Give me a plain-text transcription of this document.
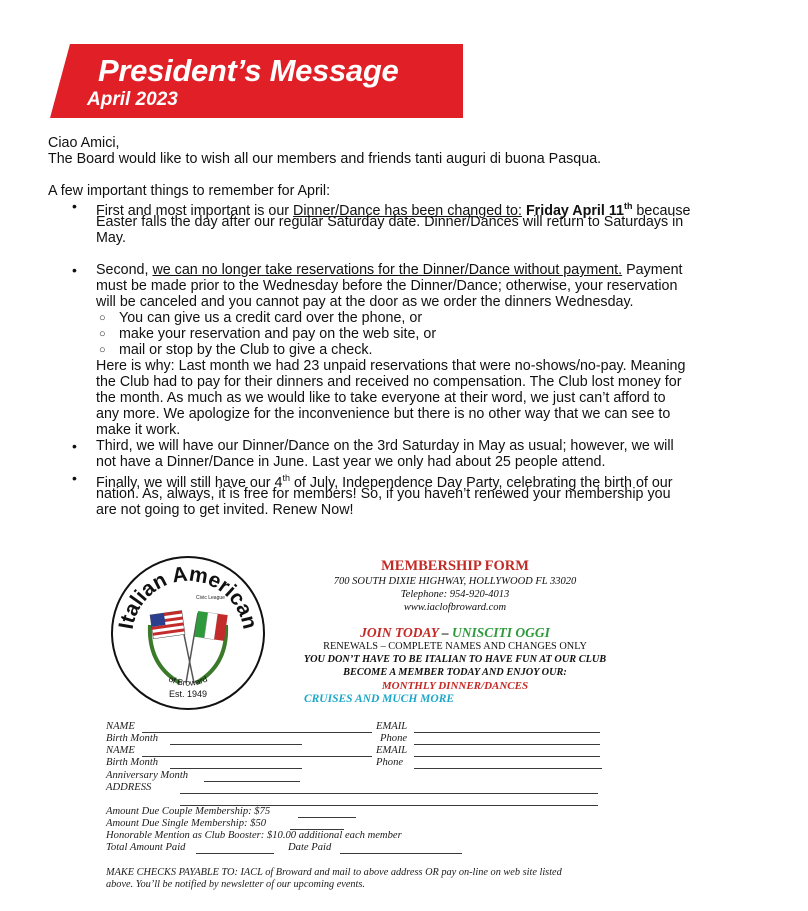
President’s Message
April 2023
Ciao Amici,
The Board would like to wish all our members and friends tanti auguri di buona Pasqua.
A few important things to remember for April:
• First and most important is our Dinner/Dance has been changed to: Friday April 11th because
Easter falls the day after our regular Saturday date. Dinner/Dances will return to Saturdays in
May.
• Second, we can no longer take reservations for the Dinner/Dance without payment. Payment
must be made prior to the Wednesday before the Dinner/Dance; otherwise, your reservation
will be canceled and you cannot pay at the door as we order the dinners Wednesday.
○ You can give us a credit card over the phone, or
○ make your reservation and pay on the web site, or
○ mail or stop by the Club to give a check.
Here is why: Last month we had 23 unpaid reservations that were no-shows/no-pay. Meaning
the Club had to pay for their dinners and received no compensation. The Club lost money for
the month. As much as we would like to take everyone at their word, we just can’t afford to
any more. We apologize for the inconvenience but there is no other way that we can see to
make it work.
• Third, we will have our Dinner/Dance on the 3rd Saturday in May as usual; however, we will
not have a Dinner/Dance in June. Last year we only had about 25 people attend.
• Finally, we will still have our 4th of July, Independence Day Party, celebrating the birth of our
nation. As, always, it is free for members! So, if you haven’t renewed your membership you
are not going to get invited. Renew Now!
Italian American
Civic League
of Broward
Est. 1949
MEMBERSHIP FORM
700 SOUTH DIXIE HIGHWAY, HOLLYWOOD FL 33020
Telephone: 954-920-4013
www.iaclofbroward.com
JOIN TODAY – UNISCITI OGGI
RENEWALS – COMPLETE NAMES AND CHANGES ONLY
YOU DON’T HAVE TO BE ITALIAN TO HAVE FUN AT OUR CLUB
BECOME A MEMBER TODAY AND ENJOY OUR:
MONTHLY DINNER/DANCES
CRUISES AND MUCH MORE
NAME	EMAIL
Birth Month	Phone
NAME	EMAIL
Birth Month	Phone
Anniversary Month
ADDRESS
Amount Due Couple Membership: $75
Amount Due Single Membership: $50
Honorable Mention as Club Booster: $10.00 additional each member
Total Amount Paid	Date Paid
MAKE CHECKS PAYABLE TO: IACL of Broward and mail to above address OR pay on-line on web site listed
above. You’ll be notified by newsletter of our upcoming events.
